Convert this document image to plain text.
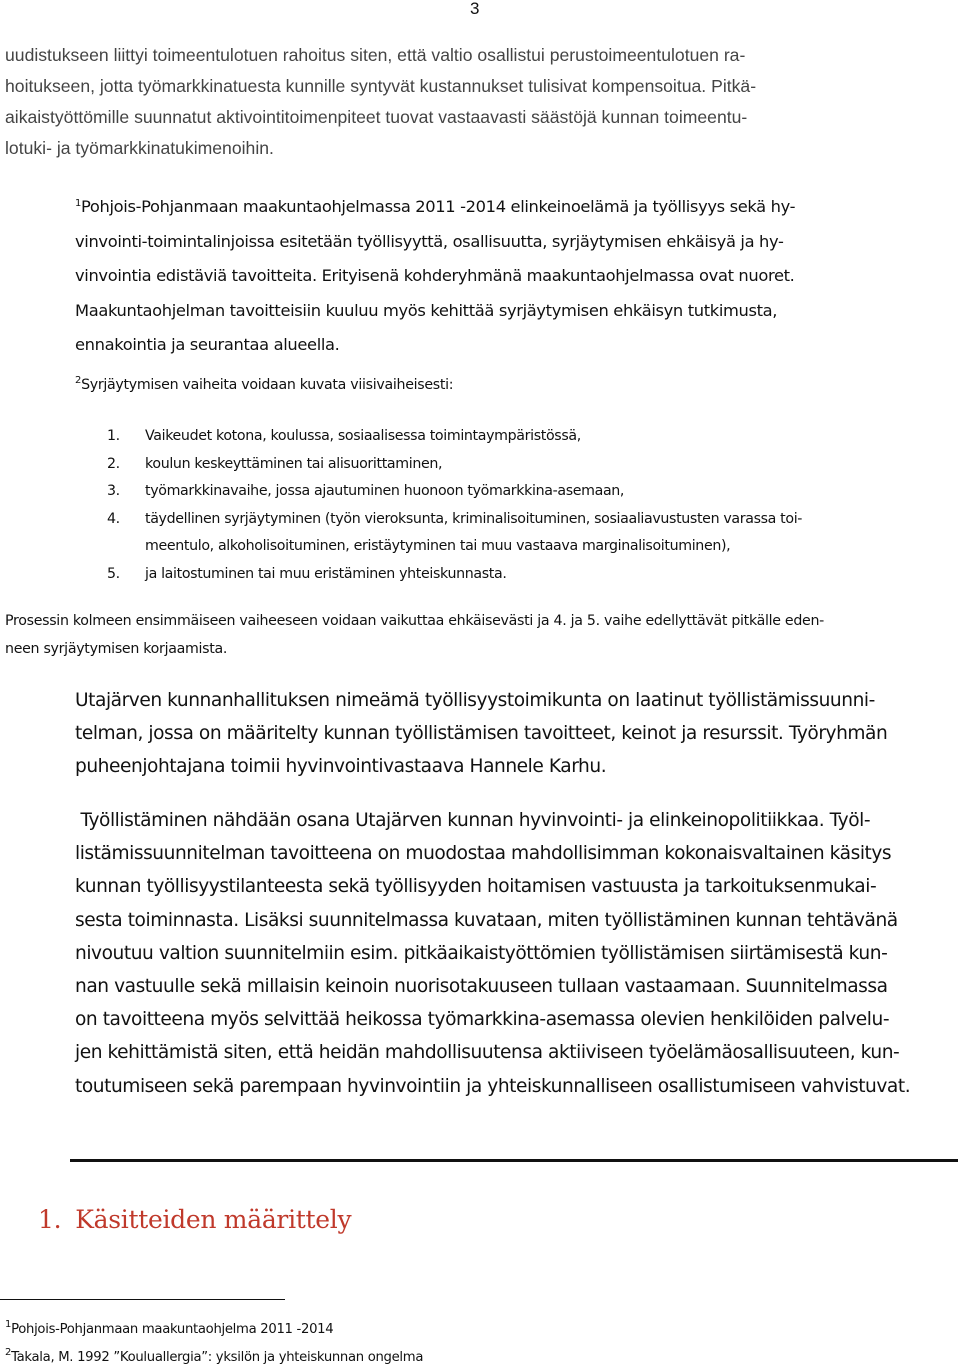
3

uudistukseen liittyi toimeentulotuen rahoitus siten, että valtio osallistui perustoimeentulotuen ra-

hoitukseen, jotta työmarkkinatuesta kunnille syntyvät kustannukset tulisivat kompensoitua. Pitkä-

aikaistyöttömille suunnatut aktivointitoimenpiteet tuovat vastaavasti säästöjä kunnan toimeentu-

lotuki- ja työmarkkinatukimenoihin.

$^1$Pohjois-Pohjanmaan maakuntaohjelmassa 2011 -2014 elinkeinoelämä ja työllisyys sekä hy-

vinvointi-toimintalinjoissa esitetään työllisyyttä, osallisuutta, syrjäytymisen ehkäisyä ja hy-

vinvointia edistäviä tavoitteita. Erityisenä kohderyhmänä maakuntaohjelmassa ovat nuoret.

Maakuntaohjelman tavoitteisiin kuuluu myös kehittää syrjäytymisen ehkäisyn tutkimusta,

ennakointia ja seurantaa alueella.

$^2$Syrjäytymisen vaiheita voidaan kuvata viisivaiheisesti:
1. Vaikeudet kotona, koulussa, sosiaalisessa toimintaympäristössä,
2. koulun keskeyttäminen tai alisuorittaminen,
3. työmarkkinavaihe, jossa ajautuminen huonoon työmarkkina-asemaan,
4. täydellinen syrjäytyminen (työn vieroksunta, kriminalisoituminen, sosiaaliavustusten varassa toi-
meentulo, alkoholisoituminen, eristäytyminen tai muu vastaava marginalisoituminen),
5. ja laitostuminen tai muu eristäminen yhteiskunnasta.
Prosessin kolmeen ensimmäiseen vaiheeseen voidaan vaikuttaa ehkäisevästi ja 4. ja 5. vaihe edellyttävät pitkälle eden-
neen syrjäytymisen korjaamista.
Utajärven kunnanhallituksen nimeämä työllisyystoimikunta on laatinut työllistämissuunni-
telman, jossa on määritelty kunnan työllistämisen tavoitteet, keinot ja resurssit. Työryhmän
puheenjohtajana toimii hyvinvointivastaava Hannele Karhu.
Työllistäminen nähdään osana Utajärven kunnan hyvinvointi- ja elinkeinopolitiikkaa. Työl-
listämissuunnitelman tavoitteena on muodostaa mahdollisimman kokonaisvaltainen käsitys
kunnan työllisyystilanteesta sekä työllisyyden hoitamisen vastuusta ja tarkoituksenmukai-
sesta toiminnasta. Lisäksi suunnitelmassa kuvataan, miten työllistäminen kunnan tehtävänä
nivoutuu valtion suunnitelmiin esim. pitkäaikaistyöttömien työllistämisen siirtämisestä kun-
nan vastuulle sekä millaisin keinoin nuorisotakuuseen tullaan vastaamaan. Suunnitelmassa
on tavoitteena myös selvittää heikossa työmarkkina-asemassa olevien henkilöiden palvelu-
jen kehittämistä siten, että heidän mahdollisuutensa aktiiviseen työelämäosallisuuteen, kun-
toutumiseen sekä parempaan hyvinvointiin ja yhteiskunnalliseen osallistumiseen vahvistuvat.
1. Käsitteiden määrittely
$^1$Pohjois-Pohjanmaan maakuntaohjelma 2011 -2014
$^2$Takala, M. 1992 ”Kouluallergia”: yksilön ja yhteiskunnan ongelma
